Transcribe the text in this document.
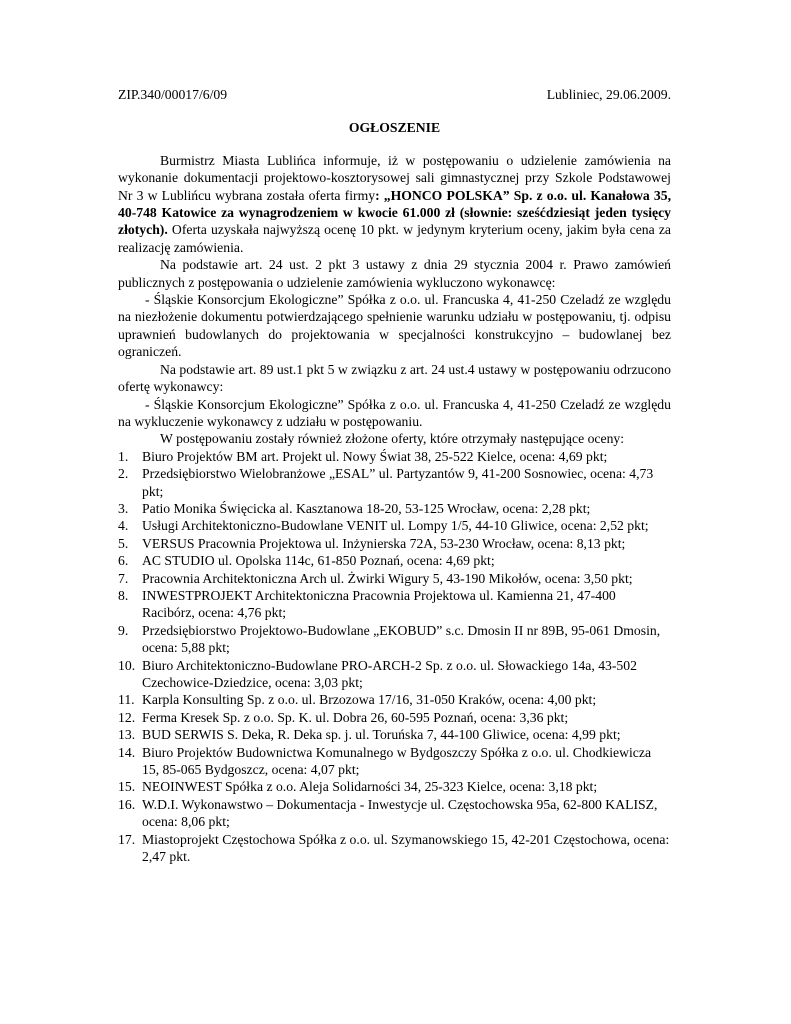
ZIP.340/00017/6/09	Lubliniec, 29.06.2009.
OGŁOSZENIE
Burmistrz Miasta Lublińca informuje, iż w postępowaniu o udzielenie zamówienia na wykonanie dokumentacji projektowo-kosztorysowej sali gimnastycznej przy Szkole Podstawowej Nr 3 w Lublińcu wybrana została oferta firmy: „HONCO POLSKA” Sp. z o.o. ul. Kanałowa 35, 40-748 Katowice za wynagrodzeniem w kwocie 61.000 zł (słownie: sześćdziesiąt jeden tysięcy złotych). Oferta uzyskała najwyższą ocenę 10 pkt. w jedynym kryterium oceny, jakim była cena za realizację zamówienia.
Na podstawie art. 24 ust. 2 pkt 3 ustawy z dnia 29 stycznia 2004 r. Prawo zamówień publicznych z postępowania o udzielenie zamówienia wykluczono wykonawcę:
- Śląskie Konsorcjum Ekologiczne” Spółka z o.o. ul. Francuska 4, 41-250 Czeladź ze względu na niezłożenie dokumentu potwierdzającego spełnienie warunku udziału w postępowaniu, tj. odpisu uprawnień budowlanych do projektowania w specjalności konstrukcyjno – budowlanej bez ograniczeń.
Na podstawie art. 89 ust.1 pkt 5 w związku z art. 24 ust.4 ustawy w postępowaniu odrzucono ofertę wykonawcy:
- Śląskie Konsorcjum Ekologiczne” Spółka z o.o. ul. Francuska 4, 41-250 Czeladź ze względu na wykluczenie wykonawcy z udziału w postępowaniu.
W postępowaniu zostały również złożone oferty, które otrzymały następujące oceny:
1. Biuro Projektów BM art. Projekt ul. Nowy Świat 38, 25-522 Kielce, ocena: 4,69 pkt;
2. Przedsiębiorstwo Wielobranżowe „ESAL” ul. Partyzantów 9, 41-200 Sosnowiec, ocena: 4,73 pkt;
3. Patio Monika Święcicka al. Kasztanowa 18-20, 53-125 Wrocław, ocena: 2,28 pkt;
4. Usługi Architektoniczno-Budowlane VENIT ul. Lompy 1/5, 44-10 Gliwice, ocena: 2,52 pkt;
5. VERSUS Pracownia Projektowa ul. Inżynierska 72A, 53-230 Wrocław, ocena: 8,13 pkt;
6. AC STUDIO ul. Opolska 114c, 61-850 Poznań, ocena: 4,69 pkt;
7. Pracownia Architektoniczna Arch ul. Żwirki Wigury 5, 43-190 Mikołów, ocena: 3,50 pkt;
8. INWESTPROJEKT Architektoniczna Pracownia Projektowa ul. Kamienna 21, 47-400 Racibórz, ocena: 4,76 pkt;
9. Przedsiębiorstwo Projektowo-Budowlane „EKOBUD” s.c. Dmosin II nr 89B, 95-061 Dmosin, ocena: 5,88 pkt;
10. Biuro Architektoniczno-Budowlane PRO-ARCH-2 Sp. z o.o. ul. Słowackiego 14a, 43-502 Czechowice-Dziedzice, ocena: 3,03 pkt;
11. Karpla Konsulting Sp. z o.o. ul. Brzozowa 17/16, 31-050 Kraków, ocena: 4,00 pkt;
12. Ferma Kresek Sp. z o.o. Sp. K. ul. Dobra 26, 60-595 Poznań, ocena: 3,36 pkt;
13. BUD SERWIS S. Deka, R. Deka sp. j. ul. Toruńska 7, 44-100 Gliwice, ocena: 4,99 pkt;
14. Biuro Projektów Budownictwa Komunalnego w Bydgoszczy Spółka z o.o. ul. Chodkiewicza 15, 85-065 Bydgoszcz, ocena: 4,07 pkt;
15. NEOINWEST Spółka z o.o. Aleja Solidarności 34, 25-323 Kielce, ocena: 3,18 pkt;
16. W.D.I. Wykonawstwo – Dokumentacja - Inwestycje ul. Częstochowska 95a, 62-800 KALISZ, ocena: 8,06 pkt;
17. Miastoprojekt Częstochowa Spółka z o.o. ul. Szymanowskiego 15, 42-201 Częstochowa, ocena: 2,47 pkt.
